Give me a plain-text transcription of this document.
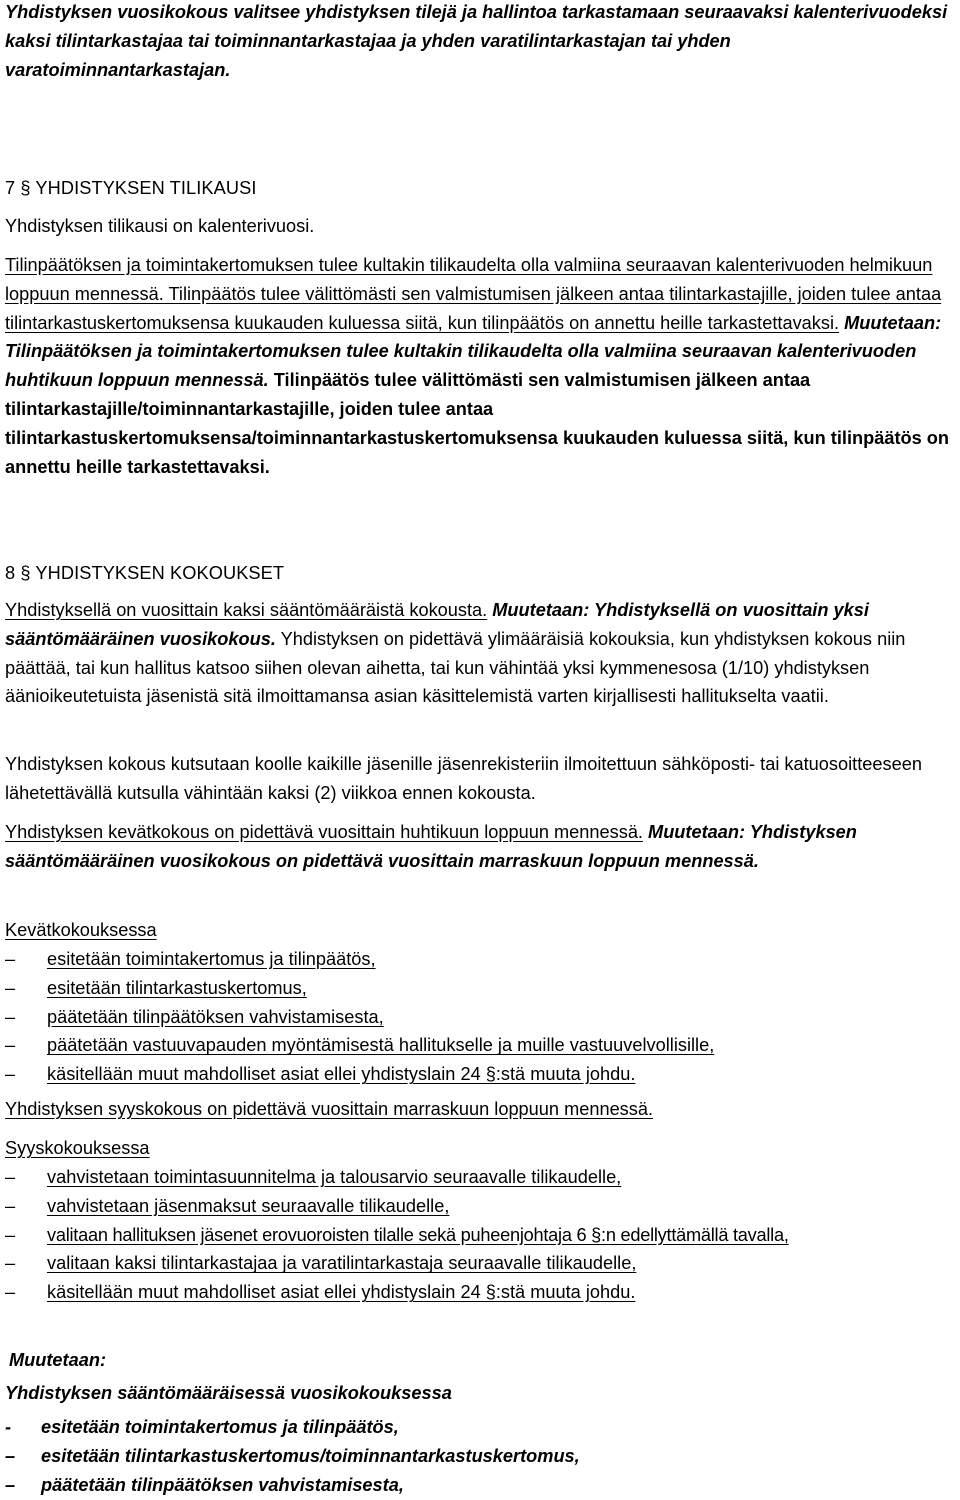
Yhdistyksen vuosikokous valitsee yhdistyksen tilejä ja hallintoa tarkastamaan seuraavaksi kalenterivuodeksi kaksi tilintarkastajaa tai toiminnantarkastajaa ja yhden varatilintarkastajan tai yhden varatoiminnantarkastajan.

7 § YHDISTYKSEN TILIKAUSI

Yhdistyksen tilikausi on kalenterivuosi.

Tilinpäätöksen ja toimintakertomuksen tulee kultakin tilikaudelta olla valmiina seuraavan kalenterivuoden helmikuun loppuun mennessä. Tilinpäätös tulee välittömästi sen valmistumisen jälkeen antaa tilintarkastajille, joiden tulee antaa tilintarkastuskertomuksensa kuukauden kuluessa siitä, kun tilinpäätös on annettu heille tarkastettavaksi. Muutetaan: Tilinpäätöksen ja toimintakertomuksen tulee kultakin tilikaudelta olla valmiina seuraavan kalenterivuoden huhtikuun loppuun mennessä. Tilinpäätös tulee välittömästi sen valmistumisen jälkeen antaa tilintarkastajille/toiminnantarkastajille, joiden tulee antaa tilintarkastuskertomuksensa/toiminnantarkastuskertomuksensa kuukauden kuluessa siitä, kun tilinpäätös on annettu heille tarkastettavaksi.

8 § YHDISTYKSEN KOKOUKSET

Yhdistyksellä on vuosittain kaksi sääntömääräistä kokousta. Muutetaan: Yhdistyksellä on vuosittain yksi sääntömääräinen vuosikokous. Yhdistyksen on pidettävä ylimääräisiä kokouksia, kun yhdistyksen kokous niin päättää, tai kun hallitus katsoo siihen olevan aihetta, tai kun vähintää yksi kymmenesosa (1/10) yhdistyksen äänioikeutetuista jäsenistä sitä ilmoittamansa asian käsittelemistä varten kirjallisesti hallitukselta vaatii.

Yhdistyksen kokous kutsutaan koolle kaikille jäsenille jäsenrekisteriin ilmoitettuun sähköposti- tai katuosoitteeseen lähetettävällä kutsulla vähintään kaksi (2) viikkoa ennen kokousta.

Yhdistyksen kevätkokous on pidettävä vuosittain huhtikuun loppuun mennessä. Muutetaan: Yhdistyksen sääntömääräinen vuosikokous on pidettävä vuosittain marraskuun loppuun mennessä.

Kevätkokouksessa

– esitetään toimintakertomus ja tilinpäätös,
– esitetään tilintarkastuskertomus,
– päätetään tilinpäätöksen vahvistamisesta,
– päätetään vastuuvapauden myöntämisestä hallitukselle ja muille vastuuvelvollisille,
– käsitellään muut mahdolliset asiat ellei yhdistyslain 24 §:stä muuta johdu.

Yhdistyksen syyskokous on pidettävä vuosittain marraskuun loppuun mennessä.

Syyskokouksessa

– vahvistetaan toimintasuunnitelma ja talousarvio seuraavalle tilikaudelle,
– vahvistetaan jäsenmaksut seuraavalle tilikaudelle,
– valitaan hallituksen jäsenet erovuoroisten tilalle sekä puheenjohtaja 6 §:n edellyttämällä tavalla,
– valitaan kaksi tilintarkastajaa ja varatilintarkastaja seuraavalle tilikaudelle,
– käsitellään muut mahdolliset asiat ellei yhdistyslain 24 §:stä muuta johdu.

Muutetaan:

Yhdistyksen sääntömääräisessä vuosikokouksessa

- esitetään toimintakertomus ja tilinpäätös,
– esitetään tilintarkastuskertomus/toiminnantarkastuskertomus,
– päätetään tilinpäätöksen vahvistamisesta,
